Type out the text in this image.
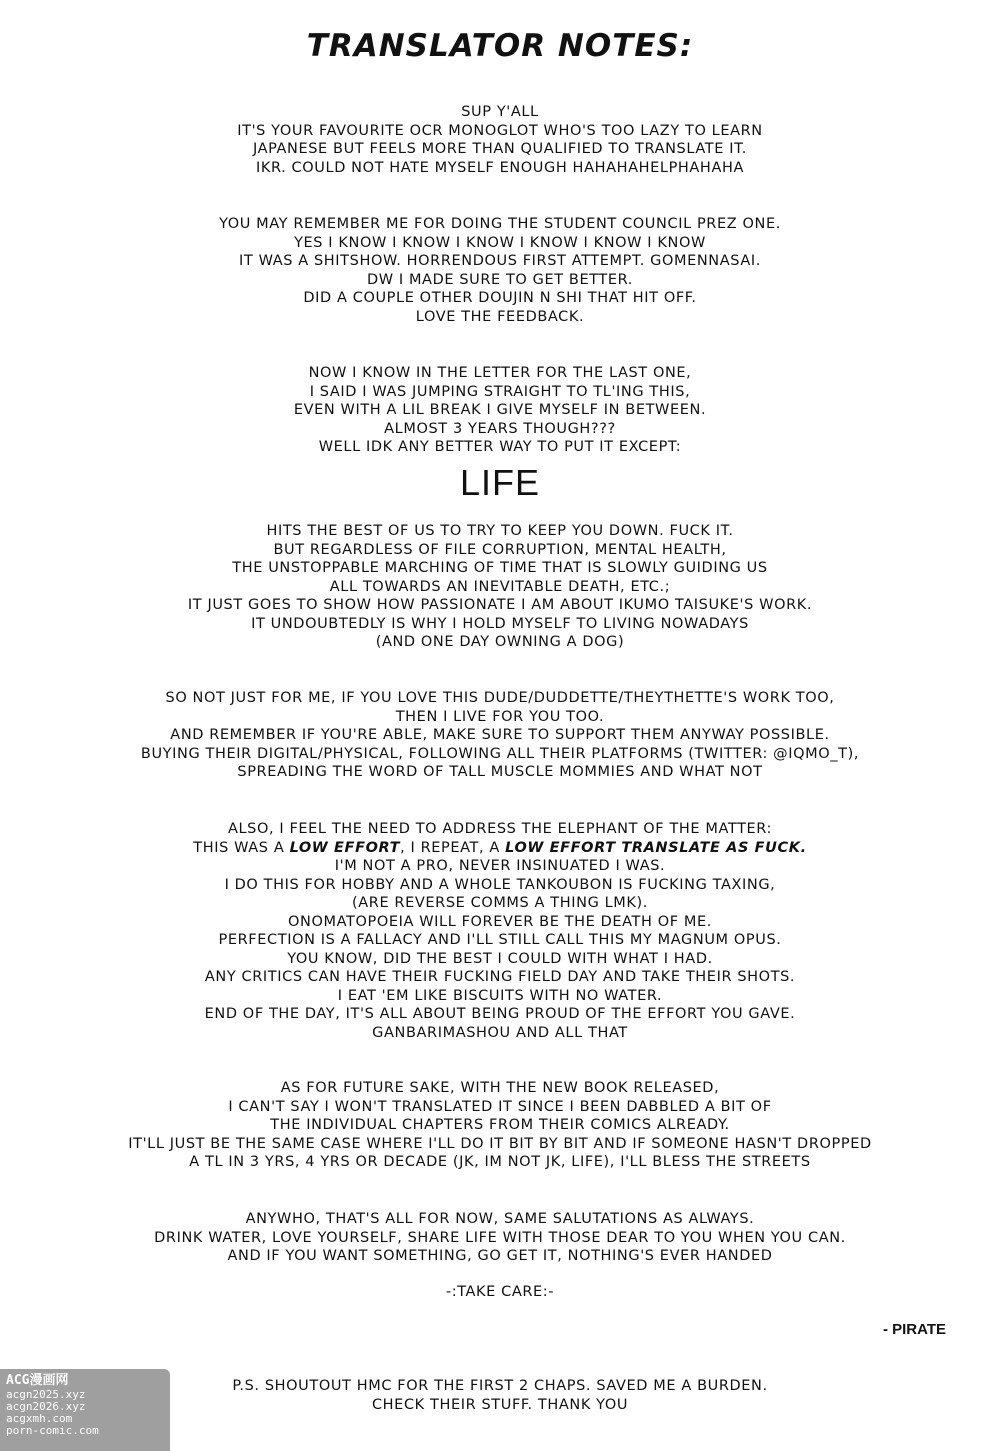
TRANSLATOR NOTES:
SUP Y'ALL
IT'S YOUR FAVOURITE OCR MONOGLOT WHO'S TOO LAZY TO LEARN
JAPANESE BUT FEELS MORE THAN QUALIFIED TO TRANSLATE IT.
IKR. COULD NOT HATE MYSELF ENOUGH HAHAHAHELPHAHAHA
YOU MAY REMEMBER ME FOR DOING THE STUDENT COUNCIL PREZ ONE.
YES I KNOW I KNOW I KNOW I KNOW I KNOW I KNOW
IT WAS A SHITSHOW. HORRENDOUS FIRST ATTEMPT. GOMENNASAI.
DW I MADE SURE TO GET BETTER.
DID A COUPLE OTHER DOUJIN N SHI THAT HIT OFF.
LOVE THE FEEDBACK.
NOW I KNOW IN THE LETTER FOR THE LAST ONE,
I SAID I WAS JUMPING STRAIGHT TO TL'ING THIS,
EVEN WITH A LIL BREAK I GIVE MYSELF IN BETWEEN.
ALMOST 3 YEARS THOUGH???
WELL IDK ANY BETTER WAY TO PUT IT EXCEPT:
LIFE
HITS THE BEST OF US TO TRY TO KEEP YOU DOWN. FUCK IT.
BUT REGARDLESS OF FILE CORRUPTION, MENTAL HEALTH,
THE UNSTOPPABLE MARCHING OF TIME THAT IS SLOWLY GUIDING US
ALL TOWARDS AN INEVITABLE DEATH, ETC.;
IT JUST GOES TO SHOW HOW PASSIONATE I AM ABOUT IKUMO TAISUKE'S WORK.
IT UNDOUBTEDLY IS WHY I HOLD MYSELF TO LIVING NOWADAYS
(AND ONE DAY OWNING A DOG)
SO NOT JUST FOR ME, IF YOU LOVE THIS DUDE/DUDDETTE/THEYTHETTE'S WORK TOO,
THEN I LIVE FOR YOU TOO.
AND REMEMBER IF YOU'RE ABLE, MAKE SURE TO SUPPORT THEM ANYWAY POSSIBLE.
BUYING THEIR DIGITAL/PHYSICAL, FOLLOWING ALL THEIR PLATFORMS (TWITTER: @IQMO_T),
SPREADING THE WORD OF TALL MUSCLE MOMMIES AND WHAT NOT
ALSO, I FEEL THE NEED TO ADDRESS THE ELEPHANT OF THE MATTER:
THIS WAS A LOW EFFORT, I REPEAT, A LOW EFFORT TRANSLATE AS FUCK.
I'M NOT A PRO, NEVER INSINUATED I WAS.
I DO THIS FOR HOBBY AND A WHOLE TANKOUBON IS FUCKING TAXING,
(ARE REVERSE COMMS A THING LMK).
ONOMATOPOEIA WILL FOREVER BE THE DEATH OF ME.
PERFECTION IS A FALLACY AND I'LL STILL CALL THIS MY MAGNUM OPUS.
YOU KNOW, DID THE BEST I COULD WITH WHAT I HAD.
ANY CRITICS CAN HAVE THEIR FUCKING FIELD DAY AND TAKE THEIR SHOTS.
I EAT 'EM LIKE BISCUITS WITH NO WATER.
END OF THE DAY, IT'S ALL ABOUT BEING PROUD OF THE EFFORT YOU GAVE.
GANBARIMASHOU AND ALL THAT
AS FOR FUTURE SAKE, WITH THE NEW BOOK RELEASED,
I CAN'T SAY I WON'T TRANSLATED IT SINCE I BEEN DABBLED A BIT OF
THE INDIVIDUAL CHAPTERS FROM THEIR COMICS ALREADY.
IT'LL JUST BE THE SAME CASE WHERE I'LL DO IT BIT BY BIT AND IF SOMEONE HASN'T DROPPED
A TL IN 3 YRS, 4 YRS OR DECADE (JK, IM NOT JK, LIFE), I'LL BLESS THE STREETS
ANYWHO, THAT'S ALL FOR NOW, SAME SALUTATIONS AS ALWAYS.
DRINK WATER, LOVE YOURSELF, SHARE LIFE WITH THOSE DEAR TO YOU WHEN YOU CAN.
AND IF YOU WANT SOMETHING, GO GET IT, NOTHING'S EVER HANDED
-:TAKE CARE:-
- PIRATE
P.S. SHOUTOUT HMC FOR THE FIRST 2 CHAPS. SAVED ME A BURDEN.
CHECK THEIR STUFF. THANK YOU
ACG漫画网
acgn2025.xyz
acgn2026.xyz
acgxmh.com
porn-comic.com
